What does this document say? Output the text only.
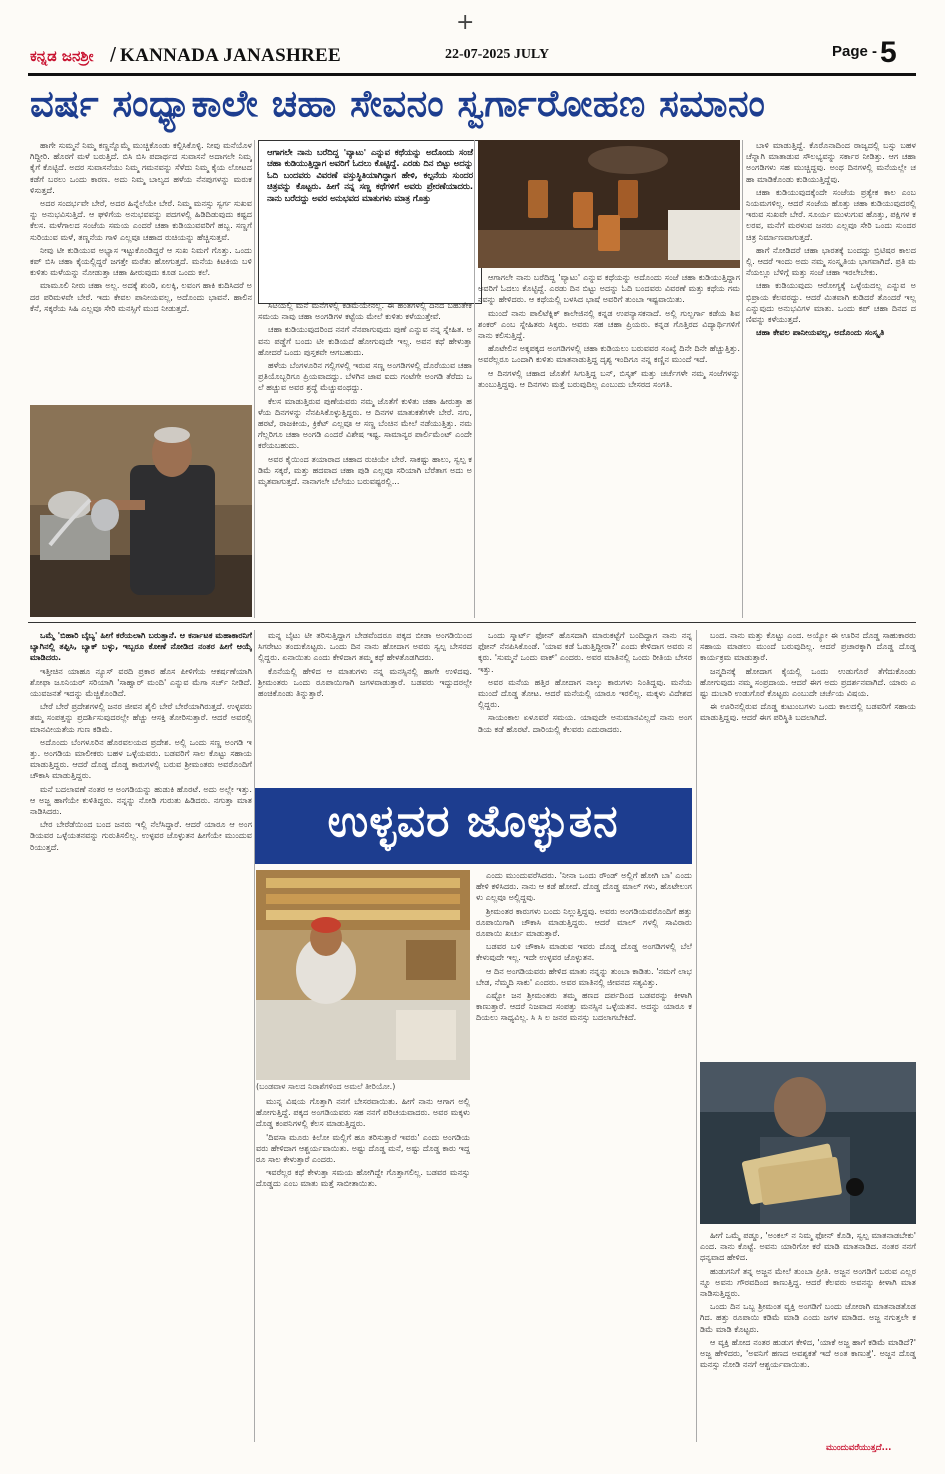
+
ಕನ್ನಡ ಜನಶ್ರೀ / KANNADA JANASHREE	22-07-2025 JULY	Page - 5
ವರ್ಷ ಸಂಧ್ಯಾಕಾಲೇ ಚಹಾ ಸೇವನಂ ಸ್ವರ್ಗಾರೋಹಣ ಸಮಾನಂ

ಹಾಗೇ ಸುಮ್ಮನೆ ನಿಮ್ಮ ಕಣ್ಣನ್ನೊಮ್ಮೆ ಮುಚ್ಚಿಕೊಂಡು ಕಲ್ಪಿಸಿಕೊಳ್ಳಿ. ನೀವು ಮನೆಯೊಳಗಿದ್ದೀರಿ. ಹೊರಗೆ ಮಳೆ ಬರುತ್ತಿದೆ. ಬಿಸಿ ಬಿಸಿ ಪದಾರ್ಥದ ಸುವಾಸನೆ ಅದಾಗಲೇ ನಿಮ್ಮ ಕೈಗೆ ಕೊಟ್ಟಿದೆ. ಅದರ ಸುವಾಸನೆಯು ನಿಮ್ಮ ಗಮನವನ್ನು ಸೆಳೆದು ನಿಮ್ಮ ಕೈಯ ಲೋಟದ ಕಡೆಗೆ ಬರಲು ಒಂದು ಕಾರಣ. ಅದು ನಿಮ್ಮ ಬಾಲ್ಯದ ಹಳೆಯ ನೆನಪುಗಳನ್ನು ಮರುಕಳಿಸುತ್ತದೆ.

ಅದರ ಸಂದರ್ಭವೇ ಬೇರೆ, ಅದರ ಹಿನ್ನೆಲೆಯೇ ಬೇರೆ. ನಿಮ್ಮ ಮನಸ್ಸು ಸ್ವರ್ಗ ಸುಖವನ್ನು ಅನುಭವಿಸುತ್ತಿದೆ. ಆ ಘಳಿಗೆಯ ಅನುಭವವನ್ನು ಪದಗಳಲ್ಲಿ ಹಿಡಿದಿಡುವುದು ಕಷ್ಟದ ಕೆಲಸ. ಮಳೆಗಾಲದ ಸಂಜೆಯ ಸಮಯ ಎಂದರೆ ಚಹಾ ಕುಡಿಯುವವರಿಗೆ ಹಬ್ಬ. ಸಣ್ಣಗೆ ಸುರಿಯುವ ಮಳೆ, ತಣ್ಣನೆಯ ಗಾಳಿ ಎಲ್ಲವೂ ಚಹಾದ ರುಚಿಯನ್ನು ಹೆಚ್ಚಿಸುತ್ತವೆ.

ನೀವು ಟೀ ಕುಡಿಯುವ ಅಭ್ಯಾಸ ಇಟ್ಟುಕೊಂಡಿದ್ದರೆ ಆ ಸುಖ ನಿಮಗೆ ಗೊತ್ತು. ಒಂದು ಕಪ್ ಬಿಸಿ ಚಹಾ ಕೈಯಲ್ಲಿದ್ದರೆ ಜಗತ್ತೇ ಮರೆತು ಹೋಗುತ್ತದೆ. ಮನೆಯ ಕಿಟಕಿಯ ಬಳಿ ಕುಳಿತು ಮಳೆಯನ್ನು ನೋಡುತ್ತಾ ಚಹಾ ಹೀರುವುದು ಕೂಡ ಒಂದು ಕಲೆ.

ಮಾಮೂಲಿ ನೀರು ಚಹಾ ಅಲ್ಲ. ಅದಕ್ಕೆ ಶುಂಠಿ, ಏಲಕ್ಕಿ, ಲವಂಗ ಹಾಕಿ ಕುದಿಸಿದರೆ ಅದರ ಪರಿಮಳವೇ ಬೇರೆ. ಇದು ಕೇವಲ ಪಾನೀಯವಲ್ಲ, ಅದೊಂದು ಭಾವನೆ. ಹಾಲಿನ ಕೆನೆ, ಸಕ್ಕರೆಯ ಸಿಹಿ ಎಲ್ಲವೂ ಸೇರಿ ಮನಸ್ಸಿಗೆ ಮುದ ನೀಡುತ್ತದೆ.

ಆಗಾಗಲೇ ನಾನು ಬರೆದಿದ್ದ 'ವ್ಯಾಟು' ಎನ್ನುವ ಕಥೆಯನ್ನು ಅದೊಂದು ಸಂಜೆ ಚಹಾ ಕುಡಿಯುತ್ತಿದ್ದಾಗ ಅವರಿಗೆ ಓದಲು ಕೊಟ್ಟಿದ್ದೆ. ಎರಡು ದಿನ ಬಿಟ್ಟು ಅದನ್ನು ಓದಿ ಬಂದವರು ವಿವರಣೆ ವಸ್ತುಸ್ಥಿತಿಯಾಗಿದ್ದಾಗ ಹೇಳಿ, ಕಲ್ಪನೆಯ ಸುಂದರ ಚಿತ್ರವನ್ನು ಕೊಟ್ಟರು. ಹೀಗೆ ನನ್ನ ಸಣ್ಣ ಕಥೆಗಳಿಗೆ ಅವರು ಪ್ರೇರಣೆಯಾದರು. ನಾನು ಬರೆದದ್ದು ಅವರ ಅನುಭವದ ಮಾತುಗಳು ಮಾತ್ರ ಗೊತ್ತು

ಸಿಟಿಯಲ್ಲಿ ಮನೆ ಮನೆಗಳಲ್ಲಿ ಕಡಿಮೆಯೇನಲ್ಲ. ಈ ಹಂತಗಳಲ್ಲಿ ದಿನದ ಬಹುತೇಕ ಸಮಯ ನಾವು ಚಹಾ ಅಂಗಡಿಗಳ ಕಟ್ಟೆಯ ಮೇಲೆ ಕುಳಿತು ಕಳೆಯುತ್ತೇವೆ.

ಚಹಾ ಕುಡಿಯುವುದರಿಂದ ನನಗೆ ನೆನಪಾಗುವುದು ಪುಣೆ ಎನ್ನುವ ನನ್ನ ಸ್ನೇಹಿತ. ಅವನು ಪಡ್ಡೆಗೆ ಬಂದು ಟೀ ಕುಡಿಯದೆ ಹೋಗುವುದೇ ಇಲ್ಲ. ಅವನ ಕಥೆ ಹೇಳುತ್ತಾ ಹೋದರೆ ಒಂದು ಪುಸ್ತಕವೇ ಆಗಬಹುದು.

ಹಳೆಯ ಬೆಂಗಳೂರಿನ ಗಲ್ಲಿಗಳಲ್ಲಿ ಇರುವ ಸಣ್ಣ ಅಂಗಡಿಗಳಲ್ಲಿ ದೊರೆಯುವ ಚಹಾ ಪ್ರತಿಯೊಬ್ಬರಿಗೂ ಪ್ರಿಯವಾದದ್ದು. ಬೆಳಗಿನ ಜಾವ ಐದು ಗಂಟೆಗೇ ಅಂಗಡಿ ತೆರೆದು ಒಲೆ ಹಚ್ಚುವ ಅವರ ಶ್ರದ್ಧೆ ಮೆಚ್ಚುವಂಥದ್ದು.

ಕೆಲಸ ಮಾಡುತ್ತಿರುವ ಪುಣೆಯವರು ನಮ್ಮ ಜೊತೆಗೆ ಕುಳಿತು ಚಹಾ ಹೀರುತ್ತಾ ಹಳೆಯ ದಿನಗಳನ್ನು ನೆನಪಿಸಿಕೊಳ್ಳುತ್ತಿದ್ದರು. ಆ ದಿನಗಳ ಮಾತುಕತೆಗಳೇ ಬೇರೆ. ನಗು, ಹರಟೆ, ರಾಜಕೀಯ, ಕ್ರಿಕೆಟ್ ಎಲ್ಲವೂ ಆ ಸಣ್ಣ ಬೆಂಚಿನ ಮೇಲೆ ನಡೆಯುತ್ತಿತ್ತು. ನಮಗೆಲ್ಲರಿಗೂ ಚಹಾ ಅಂಗಡಿ ಎಂದರೆ ವಿಶೇಷ ಇಷ್ಟ. ಸಾಮಾನ್ಯರ ಪಾರ್ಲಿಮೆಂಟ್ ಎಂದೇ ಕರೆಯಬಹುದು.

ಅವರ ಕೈಯಿಂದ ತಯಾರಾದ ಚಹಾದ ರುಚಿಯೇ ಬೇರೆ. ಸಾಕಷ್ಟು ಹಾಲು, ಸ್ವಲ್ಪ ಕಡಿಮೆ ಸಕ್ಕರೆ, ಮತ್ತು ಹದವಾದ ಚಹಾ ಪುಡಿ ಎಲ್ಲವೂ ಸರಿಯಾಗಿ ಬೆರೆತಾಗ ಅದು ಅಮೃತವಾಗುತ್ತದೆ. ನಾನಾಗಲೇ ಬೆಲೆಯು ಬರುವಷ್ಟರಲ್ಲಿ...

ಆಗಾಗಲೇ ನಾನು ಬರೆದಿದ್ದ 'ವ್ಯಾಟು' ಎನ್ನುವ ಕಥೆಯನ್ನು ಅದೊಂದು ಸಂಜೆ ಚಹಾ ಕುಡಿಯುತ್ತಿದ್ದಾಗ ಅವರಿಗೆ ಓದಲು ಕೊಟ್ಟಿದ್ದೆ. ಎರಡು ದಿನ ಬಿಟ್ಟು ಅದನ್ನು ಓದಿ ಬಂದವರು ವಿವರಣೆ ಮತ್ತು ಕಥೆಯ ಗಮನವನ್ನು ಹೇಳಿದರು. ಆ ಕಥೆಯಲ್ಲಿ ಬಳಸಿದ ಭಾಷೆ ಅವರಿಗೆ ತುಂಬಾ ಇಷ್ಟವಾಯಿತು.

ಮುಂದೆ ನಾನು ಪಾಲಿಟೆಕ್ನಿಕ್ ಕಾಲೇಜಿನಲ್ಲಿ ಕನ್ನಡ ಉಪನ್ಯಾಸಕನಾದೆ. ಅಲ್ಲಿ ಗುಲ್ಬರ್ಗಾ ಕಡೆಯ ಶಿವಶಂಕರ್ ಎಂಬ ಸ್ನೇಹಿತರು ಸಿಕ್ಕರು. ಅವರು ಸಹ ಚಹಾ ಪ್ರಿಯರು. ಕನ್ನಡ ಗೊತ್ತಿರದ ವಿದ್ಯಾರ್ಥಿಗಳಿಗೆ ನಾನು ಕಲಿಸುತ್ತಿದ್ದೆ.

ಹೊಟೇಲಿನ ಅಕ್ಕಪಕ್ಕದ ಅಂಗಡಿಗಳಲ್ಲಿ ಚಹಾ ಕುಡಿಯಲು ಬರುವವರ ಸಂಖ್ಯೆ ದಿನೇ ದಿನೇ ಹೆಚ್ಚುತ್ತಿತ್ತು. ಅವರೆಲ್ಲರೂ ಒಂದಾಗಿ ಕುಳಿತು ಮಾತನಾಡುತ್ತಿದ್ದ ದೃಶ್ಯ ಇಂದಿಗೂ ನನ್ನ ಕಣ್ಣಿನ ಮುಂದೆ ಇದೆ.

ಆ ದಿನಗಳಲ್ಲಿ ಚಹಾದ ಜೊತೆಗೆ ಸಿಗುತ್ತಿದ್ದ ಬನ್, ಬಿಸ್ಕತ್ ಮತ್ತು ಚರ್ಚೆಗಳೇ ನಮ್ಮ ಸಂಜೆಗಳನ್ನು ತುಂಬುತ್ತಿದ್ದವು. ಆ ದಿನಗಳು ಮತ್ತೆ ಬರುವುದಿಲ್ಲ ಎಂಬುದು ಬೇಸರದ ಸಂಗತಿ.

ಬಾಳಿ ಮಾಡುತ್ತಿದ್ದೆ. ಕೊರೊನಾದಿಂದ ರಾಜ್ಯದಲ್ಲಿ ಬಸ್ಸು ಬಹಳ ಚೆನ್ನಾಗಿ ಮಾತಾಡುವ ಸೌಲಭ್ಯವನ್ನು ಸರ್ಕಾರ ನೀಡಿತ್ತು. ಆಗ ಚಹಾ ಅಂಗಡಿಗಳು ಸಹ ಮುಚ್ಚಿದ್ದವು. ಅಂಥ ದಿನಗಳಲ್ಲಿ ಮನೆಯಲ್ಲೇ ಚಹಾ ಮಾಡಿಕೊಂಡು ಕುಡಿಯುತ್ತಿದ್ದೆವು.

ಚಹಾ ಕುಡಿಯುವುದಕ್ಕೆಂದೇ ಸಂಜೆಯ ಪ್ರತ್ಯೇಕ ಕಾಲ ಎಂಬ ನಿಯಮಗಳಿಲ್ಲ. ಆದರೆ ಸಂಜೆಯ ಹೊತ್ತು ಚಹಾ ಕುಡಿಯುವುದರಲ್ಲಿ ಇರುವ ಸುಖವೇ ಬೇರೆ. ಸೂರ್ಯ ಮುಳುಗುವ ಹೊತ್ತು, ಪಕ್ಷಿಗಳ ಕಲರವ, ಮನೆಗೆ ಮರಳುವ ಜನರು ಎಲ್ಲವೂ ಸೇರಿ ಒಂದು ಸುಂದರ ಚಿತ್ರ ನಿರ್ಮಾಣವಾಗುತ್ತದೆ.

ಹಾಗೆ ನೋಡಿದರೆ ಚಹಾ ಭಾರತಕ್ಕೆ ಬಂದದ್ದು ಬ್ರಿಟಿಷರ ಕಾಲದಲ್ಲಿ. ಆದರೆ ಇಂದು ಅದು ನಮ್ಮ ಸಂಸ್ಕೃತಿಯ ಭಾಗವಾಗಿದೆ. ಪ್ರತಿ ಮನೆಯಲ್ಲೂ ಬೆಳಿಗ್ಗೆ ಮತ್ತು ಸಂಜೆ ಚಹಾ ಇರಲೇಬೇಕು.

ಚಹಾ ಕುಡಿಯುವುದು ಆರೋಗ್ಯಕ್ಕೆ ಒಳ್ಳೆಯದಲ್ಲ ಎನ್ನುವ ಅಭಿಪ್ರಾಯ ಕೆಲವರದ್ದು. ಆದರೆ ಮಿತವಾಗಿ ಕುಡಿದರೆ ತೊಂದರೆ ಇಲ್ಲ ಎನ್ನುವುದು ಅನುಭವಿಗಳ ಮಾತು. ಒಂದು ಕಪ್ ಚಹಾ ದಿನದ ದಣಿವನ್ನು ಕಳೆಯುತ್ತದೆ.

ಚಹಾ ಕೇವಲ ಪಾನೀಯವಲ್ಲ, ಅದೊಂದು ಸಂಸ್ಕೃತಿ

ಒಮ್ಮೆ 'ಬಿಹಾರಿ ಬೈಬ್ಯ' ಹೀಗೆ ಕರೆಯಲಾಗಿ ಬರುತ್ತಾನೆ. ಆ ಕರ್ನಾಟಕ ಮಹಾಕಾರನಿಗೆ ಬ್ಯಾಗಿನಲ್ಲಿ ತಪ್ಪಿಸಿ, ಬ್ಯಾಕ್ ಬಳ್ಳು, ಇಬ್ಬರೂ ಕೋಣೆ ನೋಡಿದ ನಂತರ ಹೀಗೆ ಆಯ್ಕೆ ಮಾಡಿದರು.

ಇತ್ತೀಚಿನ ಯಾಹೂ ನ್ಯೂಸ್ ವರದಿ ಪ್ರಕಾರ ಹೊಸ ಪೀಳಿಗೆಯ ಆಕರ್ಷಣೆಯಾಗಿ ಶೋಫಾ ಜೂನಿಯರ್ ಸರಿಯಾಗಿ 'ಸಾಹ್ವಾರ್ ಮಂದಿ' ಎನ್ನುವ ಮೆಗಾ ಸರ್ಚ್ ನೀಡಿದೆ. ಯುವಜನತೆ ಇದನ್ನು ಮೆಚ್ಚಿಕೊಂಡಿದೆ.

ಬೇರೆ ಬೇರೆ ಪ್ರದೇಶಗಳಲ್ಲಿ ಜನರ ಜೀವನ ಶೈಲಿ ಬೇರೆ ಬೇರೆಯಾಗಿರುತ್ತದೆ. ಉಳ್ಳವರು ತಮ್ಮ ಸಂಪತ್ತನ್ನು ಪ್ರದರ್ಶಿಸುವುದರಲ್ಲೇ ಹೆಚ್ಚು ಆಸಕ್ತಿ ತೋರಿಸುತ್ತಾರೆ. ಆದರೆ ಅವರಲ್ಲಿ ಮಾನವೀಯತೆಯ ಗುಣ ಕಡಿಮೆ.

ಅದೊಂದು ಬೆಂಗಳೂರಿನ ಹೊರವಲಯದ ಪ್ರದೇಶ. ಅಲ್ಲಿ ಒಂದು ಸಣ್ಣ ಅಂಗಡಿ ಇತ್ತು. ಅಂಗಡಿಯ ಮಾಲೀಕರು ಬಹಳ ಒಳ್ಳೆಯವರು. ಬಡವರಿಗೆ ಸಾಲ ಕೊಟ್ಟು ಸಹಾಯ ಮಾಡುತ್ತಿದ್ದರು. ಆದರೆ ದೊಡ್ಡ ದೊಡ್ಡ ಕಾರುಗಳಲ್ಲಿ ಬರುವ ಶ್ರೀಮಂತರು ಅವರೊಂದಿಗೆ ಚೌಕಾಸಿ ಮಾಡುತ್ತಿದ್ದರು.

ಮನೆ ಬದಲಾವಣೆ ನಂತರ ಆ ಅಂಗಡಿಯನ್ನು ಹುಡುಕಿ ಹೊರಟೆ. ಅದು ಅಲ್ಲೇ ಇತ್ತು. ಆ ಅಜ್ಜ ಹಾಗೆಯೇ ಕುಳಿತಿದ್ದರು. ನನ್ನನ್ನು ನೋಡಿ ಗುರುತು ಹಿಡಿದರು. ನಗುತ್ತಾ ಮಾತನಾಡಿಸಿದರು.

ಬೇರ ಬೇರೆಡೆಯಿಂದ ಬಂದ ಜನರು ಇಲ್ಲಿ ನೆಲೆಸಿದ್ದಾರೆ. ಆದರೆ ಯಾರೂ ಆ ಅಂಗಡಿಯವರ ಒಳ್ಳೆಯತನವನ್ನು ಗುರುತಿಸಲಿಲ್ಲ. ಉಳ್ಳವರ ಜೊಳ್ಳುತನ ಹೀಗೆಯೇ ಮುಂದುವರಿಯುತ್ತದೆ.

ಮನ್ನ ಬೈಟು ಟೀ ತರಿಸುತ್ತಿದ್ದಾಗ ಬೇಡವೆಂದರೂ ಪಕ್ಕದ ಬೀಡಾ ಅಂಗಡಿಯಿಂದ ಸಿಗರೇಟು ತಂದುಕೊಟ್ಟರು. ಒಂದು ದಿನ ನಾನು ಹೋದಾಗ ಅವರು ಸ್ವಲ್ಪ ಬೇಸರದಲ್ಲಿದ್ದರು. ಏನಾಯಿತು ಎಂದು ಕೇಳಿದಾಗ ತಮ್ಮ ಕಥೆ ಹೇಳತೊಡಗಿದರು.

ಕೊನೆಯಲ್ಲಿ ಹೇಳಿದ ಆ ಮಾತುಗಳು ನನ್ನ ಮನಸ್ಸಿನಲ್ಲಿ ಹಾಗೇ ಉಳಿದವು. ಶ್ರೀಮಂತರು ಒಂದು ರೂಪಾಯಿಗಾಗಿ ಜಗಳವಾಡುತ್ತಾರೆ. ಬಡವರು ಇದ್ದುದರಲ್ಲೇ ಹಂಚಿಕೊಂಡು ತಿನ್ನುತ್ತಾರೆ.

ಒಂದು ಸ್ಮಾರ್ಟ್ ಫೋನ್ ಹೊಸದಾಗಿ ಮಾರುಕಟ್ಟೆಗೆ ಬಂದಿದ್ದಾಗ ನಾನು ನನ್ನ ಫೋನ್ ನೆನಪಿಸಿಕೊಂಡೆ. 'ಯಾವ ಕಡೆ ಓಡುತ್ತಿದ್ದೀರಾ?' ಎಂದು ಕೇಳಿದಾಗ ಅವರು ನಕ್ಕರು. 'ಸುಮ್ಮನೆ ಒಂದು ವಾಕ್' ಎಂದರು. ಅವರ ಮಾತಿನಲ್ಲಿ ಒಂದು ರೀತಿಯ ಬೇಸರ ಇತ್ತು.

ಅವರ ಮನೆಯ ಹತ್ತಿರ ಹೋದಾಗ ನಾಲ್ಕು ಕಾರುಗಳು ನಿಂತಿದ್ದವು. ಮನೆಯ ಮುಂದೆ ದೊಡ್ಡ ತೋಟ. ಆದರೆ ಮನೆಯಲ್ಲಿ ಯಾರೂ ಇರಲಿಲ್ಲ. ಮಕ್ಕಳು ವಿದೇಶದಲ್ಲಿದ್ದರು.

ಸಾಯಂಕಾಲ ಏಳೂವರೆ ಸಮಯ. ಯಾವುದೇ ಅನುಮಾನವಿಲ್ಲದೆ ನಾನು ಅಂಗಡಿಯ ಕಡೆ ಹೊರಟೆ. ದಾರಿಯಲ್ಲಿ ಕೆಲವರು ಎದುರಾದರು.

ಉಳ್ಳವರ ಜೊಳ್ಳುತನ
(ಬಂಡವಾಳ ಸಾಲದ ನಿರಾಶೆಗಳಿಂದ ಅಮಲೆ ತೀರಿಯೋ.)

ಮುನ್ನ ವಿಷಯ ಗೊತ್ತಾಗಿ ನನಗೆ ಬೇಸರವಾಯಿತು. ಹೀಗೆ ನಾನು ಆಗಾಗ ಅಲ್ಲಿ ಹೋಗುತ್ತಿದ್ದೆ. ಪಕ್ಕದ ಅಂಗಡಿಯವರು ಸಹ ನನಗೆ ಪರಿಚಯವಾದರು. ಅವರ ಮಕ್ಕಳು ದೊಡ್ಡ ಕಂಪನಿಗಳಲ್ಲಿ ಕೆಲಸ ಮಾಡುತ್ತಿದ್ದರು.

'ದಿವಸಾ ಮೂರು ಕಿಲೋ ಮಲ್ಲಿಗೆ ಹೂ ತರಿಸುತ್ತಾರೆ ಇವರು' ಎಂದು ಅಂಗಡಿಯವರು ಹೇಳಿದಾಗ ಆಶ್ಚರ್ಯವಾಯಿತು. ಅಷ್ಟು ದೊಡ್ಡ ಮನೆ, ಅಷ್ಟು ದೊಡ್ಡ ಕಾರು ಇದ್ದರೂ ಸಾಲ ಕೇಳುತ್ತಾರೆ ಎಂದರು.

ಇವರೆಲ್ಲರ ಕಥೆ ಕೇಳುತ್ತಾ ಸಮಯ ಹೋಗಿದ್ದೇ ಗೊತ್ತಾಗಲಿಲ್ಲ. ಬಡವರ ಮನಸ್ಸು ದೊಡ್ಡದು ಎಂಬ ಮಾತು ಮತ್ತೆ ಸಾಬೀತಾಯಿತು.

ಎಂದು ಮುಂದುವರೆಸಿದರು. 'ನೀನಾ ಒಂದು ರೌಂಡ್ ಅಲ್ಲಿಗೆ ಹೋಗಿ ಬಾ' ಎಂದು ಹೇಳಿ ಕಳಿಸಿದರು. ನಾನು ಆ ಕಡೆ ಹೋದೆ. ದೊಡ್ಡ ದೊಡ್ಡ ಮಾಲ್ ಗಳು, ಹೊಟೇಲುಗಳು ಎಲ್ಲವೂ ಅಲ್ಲಿದ್ದವು.

ಶ್ರೀಮಂತರ ಕಾರುಗಳು ಬಂದು ನಿಲ್ಲುತ್ತಿದ್ದವು. ಅವರು ಅಂಗಡಿಯವರೊಂದಿಗೆ ಹತ್ತು ರೂಪಾಯಿಗಾಗಿ ಚೌಕಾಸಿ ಮಾಡುತ್ತಿದ್ದರು. ಆದರೆ ಮಾಲ್ ಗಳಲ್ಲಿ ಸಾವಿರಾರು ರೂಪಾಯಿ ಖರ್ಚು ಮಾಡುತ್ತಾರೆ.

ಬಡವರ ಬಳಿ ಚೌಕಾಸಿ ಮಾಡುವ ಇವರು ದೊಡ್ಡ ದೊಡ್ಡ ಅಂಗಡಿಗಳಲ್ಲಿ ಬೆಲೆ ಕೇಳುವುದೇ ಇಲ್ಲ. ಇದೇ ಉಳ್ಳವರ ಜೊಳ್ಳುತನ.

ಆ ದಿನ ಅಂಗಡಿಯವರು ಹೇಳಿದ ಮಾತು ನನ್ನನ್ನು ತುಂಬಾ ಕಾಡಿತು. 'ನಮಗೆ ಲಾಭ ಬೇಡ, ನೆಮ್ಮದಿ ಸಾಕು' ಎಂದರು. ಅವರ ಮಾತಿನಲ್ಲಿ ಜೀವನದ ಸತ್ಯವಿತ್ತು.

ಎಷ್ಟೋ ಜನ ಶ್ರೀಮಂತರು ತಮ್ಮ ಹಣದ ದರ್ಪದಿಂದ ಬಡವರನ್ನು ಕೀಳಾಗಿ ಕಾಣುತ್ತಾರೆ. ಆದರೆ ನಿಜವಾದ ಸಂಪತ್ತು ಮನಸ್ಸಿನ ಒಳ್ಳೆಯತನ. ಅದನ್ನು ಯಾರೂ ಕದಿಯಲು ಸಾಧ್ಯವಿಲ್ಲ. ಸಿ ಸಿ ಲ ಜನರ ಮನಸ್ಸು ಬದಲಾಗಬೇಕಿದೆ.

ಬಂದ. ನಾನು ಮತ್ತು ಕೊಟ್ಟು ಎಂದ. ಅಯ್ಯೋ ಈ ಊರಿನ ದೊಡ್ಡ ಸಾಹುಕಾರರು ಸಹಾಯ ಮಾಡಲು ಮುಂದೆ ಬರುವುದಿಲ್ಲ. ಆದರೆ ಪ್ರಚಾರಕ್ಕಾಗಿ ದೊಡ್ಡ ದೊಡ್ಡ ಕಾರ್ಯಕ್ರಮ ಮಾಡುತ್ತಾರೆ.

ಜನ್ಮದಿನಕ್ಕೆ ಹೋದಾಗ ಕೈಯಲ್ಲಿ ಒಂದು ಉಡುಗೊರೆ ತೆಗೆದುಕೊಂಡು ಹೋಗುವುದು ನಮ್ಮ ಸಂಪ್ರದಾಯ. ಆದರೆ ಈಗ ಅದು ಪ್ರದರ್ಶನವಾಗಿದೆ. ಯಾರು ಎಷ್ಟು ದುಬಾರಿ ಉಡುಗೊರೆ ಕೊಟ್ಟರು ಎಂಬುದೇ ಚರ್ಚೆಯ ವಿಷಯ.

ಈ ಊರಿನಲ್ಲಿರುವ ದೊಡ್ಡ ಕುಟುಂಬಗಳು ಒಂದು ಕಾಲದಲ್ಲಿ ಬಡವರಿಗೆ ಸಹಾಯ ಮಾಡುತ್ತಿದ್ದವು. ಆದರೆ ಈಗ ಪರಿಸ್ಥಿತಿ ಬದಲಾಗಿದೆ.

ಹೀಗೆ ಒಮ್ಮೆ ಪಡ್ಡೂ, 'ಅಂಕಲ್ ನ ನಿಮ್ಮ ಫೋನ್ ಕೊಡಿ, ಸ್ವಲ್ಪ ಮಾತನಾಡಬೇಕು' ಎಂದ. ನಾನು ಕೊಟ್ಟೆ. ಅವನು ಯಾರಿಗೋ ಕರೆ ಮಾಡಿ ಮಾತನಾಡಿದ. ನಂತರ ನನಗೆ ಧನ್ಯವಾದ ಹೇಳಿದ.

ಹುಡುಗನಿಗೆ ತನ್ನ ಅಜ್ಜನ ಮೇಲೆ ತುಂಬಾ ಪ್ರೀತಿ. ಅಜ್ಜನ ಅಂಗಡಿಗೆ ಬರುವ ಎಲ್ಲರನ್ನೂ ಅವನು ಗೌರವದಿಂದ ಕಾಣುತ್ತಿದ್ದ. ಆದರೆ ಕೆಲವರು ಅವನನ್ನು ಕೀಳಾಗಿ ಮಾತನಾಡಿಸುತ್ತಿದ್ದರು.

ಒಂದು ದಿನ ಒಬ್ಬ ಶ್ರೀಮಂತ ವ್ಯಕ್ತಿ ಅಂಗಡಿಗೆ ಬಂದು ಜೋರಾಗಿ ಮಾತನಾಡತೊಡಗಿದ. ಹತ್ತು ರೂಪಾಯಿ ಕಡಿಮೆ ಮಾಡಿ ಎಂದು ಜಗಳ ಮಾಡಿದ. ಅಜ್ಜ ನಗುತ್ತಲೇ ಕಡಿಮೆ ಮಾಡಿ ಕೊಟ್ಟರು.

ಆ ವ್ಯಕ್ತಿ ಹೋದ ನಂತರ ಹುಡುಗ ಕೇಳಿದ, 'ಯಾಕೆ ಅಜ್ಜ ಹಾಗೆ ಕಡಿಮೆ ಮಾಡಿದೆ?' ಅಜ್ಜ ಹೇಳಿದರು, 'ಅವನಿಗೆ ಹಣದ ಅವಶ್ಯಕತೆ ಇದೆ ಅಂತ ಕಾಣುತ್ತೆ'. ಅಜ್ಜನ ದೊಡ್ಡ ಮನಸ್ಸು ನೋಡಿ ನನಗೆ ಆಶ್ಚರ್ಯವಾಯಿತು.

ಮುಂದುವರೆಯುತ್ತದೆ...
